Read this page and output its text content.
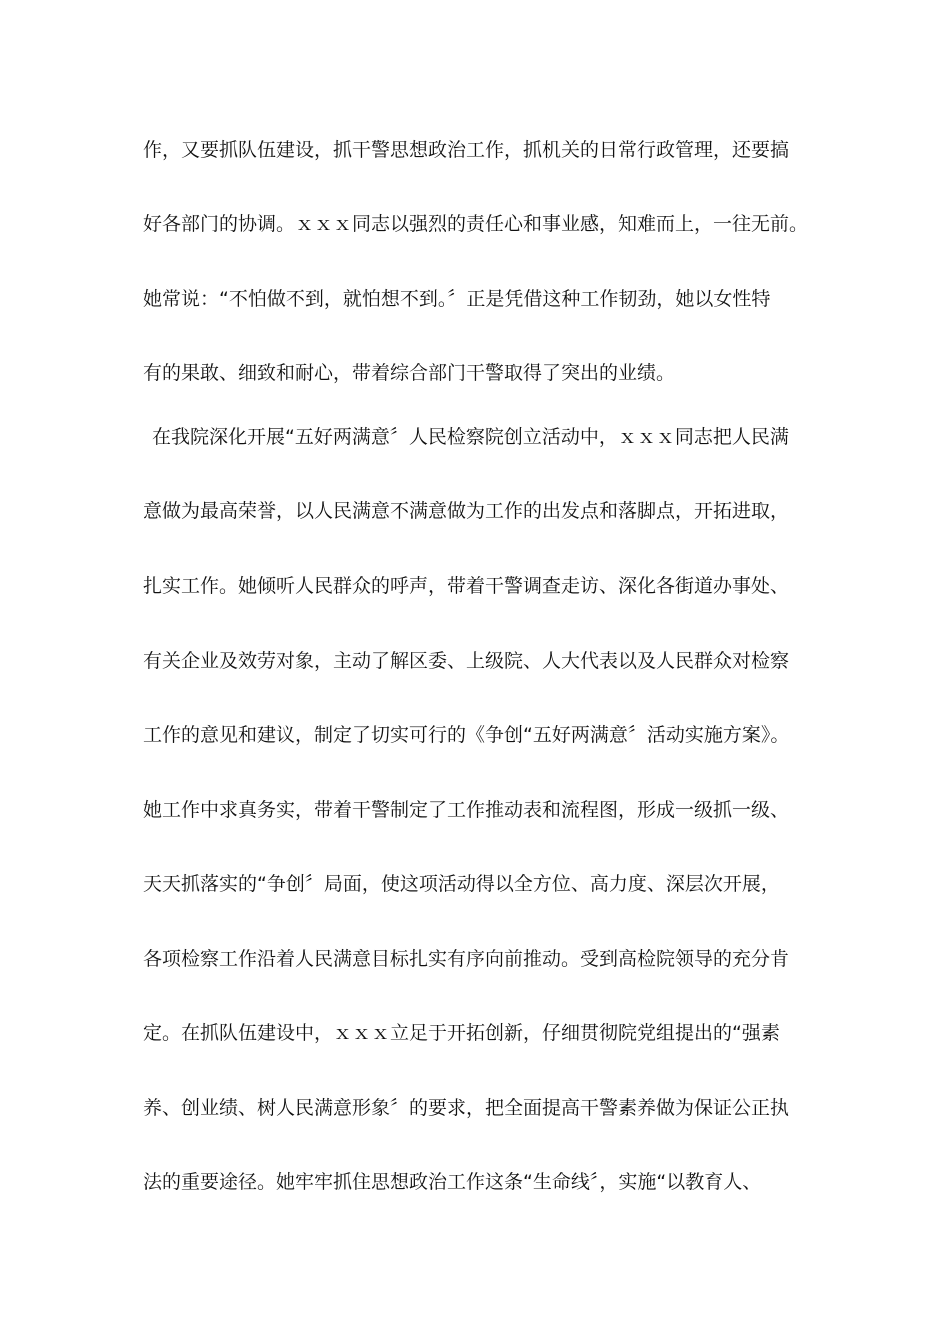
作，又要抓队伍建设，抓干警思想政治工作，抓机关的日常行政管理，还要搞
好各部门的协调。ｘｘｘ同志以强烈的责任心和事业感，知难而上，一往无前。
她常说：“不怕做不到，就怕想不到。〞正是凭借这种工作韧劲，她以女性特
有的果敢、细致和耐心，带着综合部门干警取得了突出的业绩。
在我院深化开展“五好两满意〞人民检察院创立活动中，ｘｘｘ同志把人民满
意做为最高荣誉，以人民满意不满意做为工作的出发点和落脚点，开拓进取，
扎实工作。她倾听人民群众的呼声，带着干警调查走访、深化各街道办事处、
有关企业及效劳对象，主动了解区委、上级院、人大代表以及人民群众对检察
工作的意见和建议，制定了切实可行的《争创“五好两满意〞活动实施方案》。
她工作中求真务实，带着干警制定了工作推动表和流程图，形成一级抓一级、
天天抓落实的“争创〞局面，使这项活动得以全方位、高力度、深层次开展，
各项检察工作沿着人民满意目标扎实有序向前推动。受到高检院领导的充分肯
定。在抓队伍建设中，ｘｘｘ立足于开拓创新，仔细贯彻院党组提出的“强素
养、创业绩、树人民满意形象〞的要求，把全面提高干警素养做为保证公正执
法的重要途径。她牢牢抓住思想政治工作这条“生命线〞，实施“以教育人、
